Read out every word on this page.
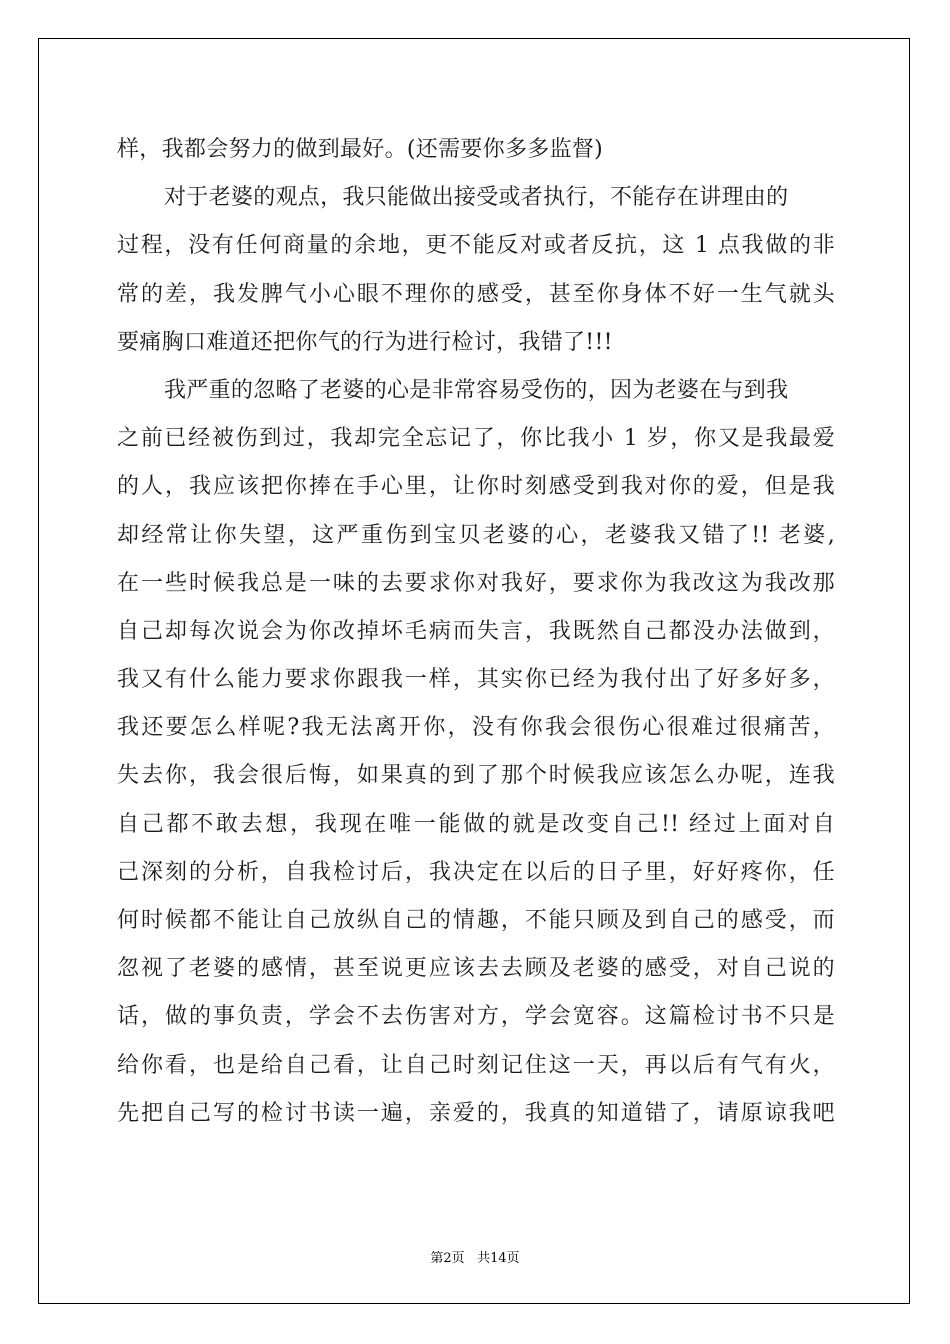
样，我都会努力的做到最好。(还需要你多多监督)
对于老婆的观点，我只能做出接受或者执行，不能存在讲理由的
过程，没有任何商量的余地，更不能反对或者反抗，这 1 点我做的非
常的差，我发脾气小心眼不理你的感受，甚至你身体不好一生气就头
要痛胸口难道还把你气的行为进行检讨，我错了!!!
我严重的忽略了老婆的心是非常容易受伤的，因为老婆在与到我
之前已经被伤到过，我却完全忘记了，你比我小 1 岁，你又是我最爱
的人，我应该把你捧在手心里，让你时刻感受到我对你的爱，但是我
却经常让你失望，这严重伤到宝贝老婆的心，老婆我又错了!! 老婆,
在一些时候我总是一味的去要求你对我好，要求你为我改这为我改那
自己却每次说会为你改掉坏毛病而失言，我既然自己都没办法做到，
我又有什么能力要求你跟我一样，其实你已经为我付出了好多好多，
我还要怎么样呢?我无法离开你，没有你我会很伤心很难过很痛苦，
失去你，我会很后悔，如果真的到了那个时候我应该怎么办呢，连我
自己都不敢去想，我现在唯一能做的就是改变自己!! 经过上面对自
己深刻的分析，自我检讨后，我决定在以后的日子里，好好疼你，任
何时候都不能让自己放纵自己的情趣，不能只顾及到自己的感受，而
忽视了老婆的感情，甚至说更应该去去顾及老婆的感受，对自己说的
话，做的事负责，学会不去伤害对方，学会宽容。这篇检讨书不只是
给你看，也是给自己看，让自己时刻记住这一天，再以后有气有火，
先把自己写的检讨书读一遍，亲爱的，我真的知道错了，请原谅我吧
第2页 共14页
